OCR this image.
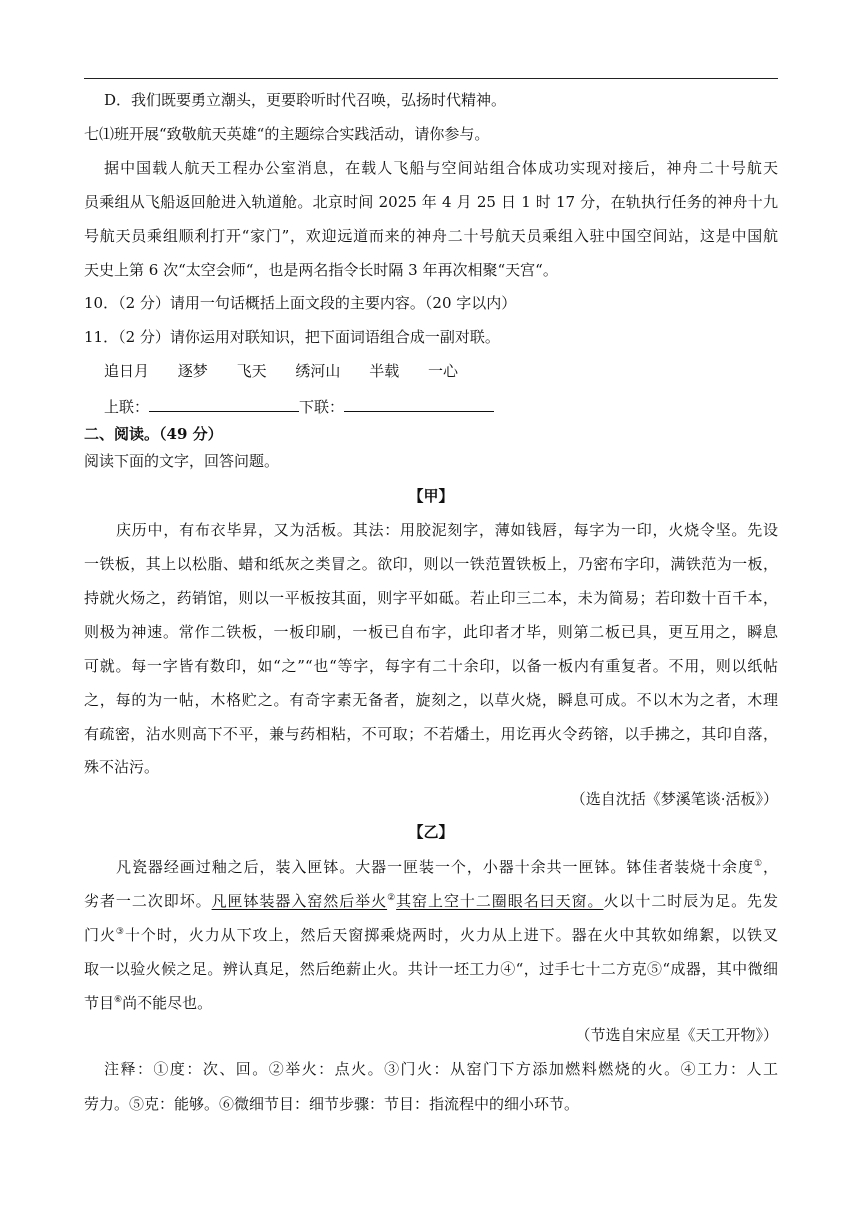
D．我们既要勇立潮头，更要聆听时代召唤，弘扬时代精神。
七⑴班开展“致敬航天英雄“的主题综合实践活动，请你参与。
据中国载人航天工程办公室消息，在载人飞船与空间站组合体成功实现对接后，神舟二十号航天
员乘组从飞船返回舱进入轨道舱。北京时间 2025 年 4 月 25 日 1 时 17 分，在轨执行任务的神舟十九
号航天员乘组顺利打开“家门”，欢迎远道而来的神舟二十号航天员乘组入驻中国空间站，这是中国航
天史上第 6 次“太空会师“，也是两名指令长时隔 3 年再次相聚“天宫“。
10．（2 分）请用一句话概括上面文段的主要内容。（20 字以内）
11．（2 分）请你运用对联知识，把下面词语组合成一副对联。
追日月 逐梦 飞天 绣河山 半载 一心
上联：	下联：
二、阅读。（49 分）
阅读下面的文字，回答问题。
【甲】
庆历中，有布衣毕昇，又为活板。其法：用胶泥刻字，薄如钱唇，每字为一印，火烧令坚。先设
一铁板，其上以松脂、蜡和纸灰之类冒之。欲印，则以一铁范置铁板上，乃密布字印，满铁范为一板，
持就火炀之，药销馆，则以一平板按其面，则字平如砥。若止印三二本，未为简易；若印数十百千本，
则极为神速。常作二铁板，一板印刷，一板已自布字，此印者才毕，则第二板已具，更互用之，瞬息
可就。每一字皆有数印，如“之”“也“等字，每字有二十余印，以备一板内有重复者。不用，则以纸帖
之，每的为一帖，木格贮之。有奇字素无备者，旋刻之，以草火烧，瞬息可成。不以木为之者，木理
有疏密，沾水则高下不平，兼与药相粘，不可取；不若燔土，用讫再火令药镕，以手拂之，其印自落，
殊不沾污。
（选自沈括《梦溪笔谈·活板》）
【乙】
凡瓷器经画过釉之后，装入匣钵。大器一匣装一个，小器十余共一匣钵。钵佳者装烧十余度①，
劣者一二次即坏。凡匣钵装器入窑然后举火②其窑上空十二圈眼名曰天窗。火以十二时辰为足。先发
门火③十个时，火力从下攻上，然后天窗掷乘烧两时，火力从上进下。器在火中其软如绵絮，以铁叉
取一以验火候之足。辨认真足，然后绝薪止火。共计一坯工力④“，过手七十二方克⑤“成器，其中微细
节目⑥尚不能尽也。
（节选自宋应星《天工开物》）
注释：①度：次、回。②举火：点火。③门火：从窑门下方添加燃料燃烧的火。④工力：人工
劳力。⑤克：能够。⑥微细节目：细节步骤：节目：指流程中的细小环节。
